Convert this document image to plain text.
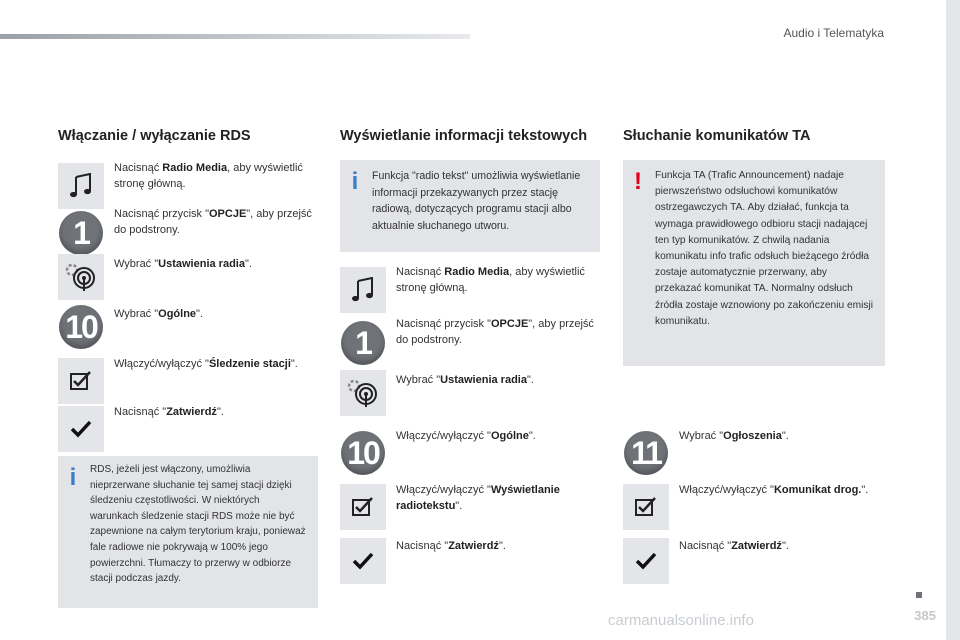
Audio i Telematyka
Włączanie / wyłączanie RDS
Nacisnąć Radio Media, aby wyświetlić stronę główną.
1
Nacisnąć przycisk "OPCJE", aby przejść do podstrony.
Wybrać "Ustawienia radia".
10	Wybrać "Ogólne".
Włączyć/wyłączyć "Śledzenie stacji".
Nacisnąć "Zatwierdź".
i RDS, jeżeli jest włączony, umożliwia nieprzerwane słuchanie tej samej stacji dzięki śledzeniu częstotliwości. W niektórych warunkach śledzenie stacji RDS może nie być zapewnione na całym terytorium kraju, ponieważ fale radiowe nie pokrywają w 100% jego powierzchni. Tłumaczy to przerwy w odbiorze stacji podczas jazdy.
Wyświetlanie informacji tekstowych
i Funkcja "radio tekst" umożliwia wyświetlanie informacji przekazywanych przez stację radiową, dotyczących programu stacji albo aktualnie słuchanego utworu.
Nacisnąć Radio Media, aby wyświetlić stronę główną.
1
Nacisnąć przycisk "OPCJE", aby przejść do podstrony.
Wybrać "Ustawienia radia".
10	Włączyć/wyłączyć "Ogólne".
Włączyć/wyłączyć "Wyświetlanie radiotekstu".
Nacisnąć "Zatwierdź".
Słuchanie komunikatów TA
! Funkcja TA (Trafic Announcement) nadaje pierwszeństwo odsłuchowi komunikatów ostrzegawczych TA. Aby działać, funkcja ta wymaga prawidłowego odbioru stacji nadającej ten typ komunikatów. Z chwilą nadania komunikatu info trafic odsłuch bieżącego źródła zostaje automatycznie przerwany, aby przekazać komunikat TA. Normalny odsłuch źródła zostaje wznowiony po zakończeniu emisji komunikatu.
11	Wybrać "Ogłoszenia".
Włączyć/wyłączyć "Komunikat drog.".
Nacisnąć "Zatwierdź".
carmanualsonline.info	385
